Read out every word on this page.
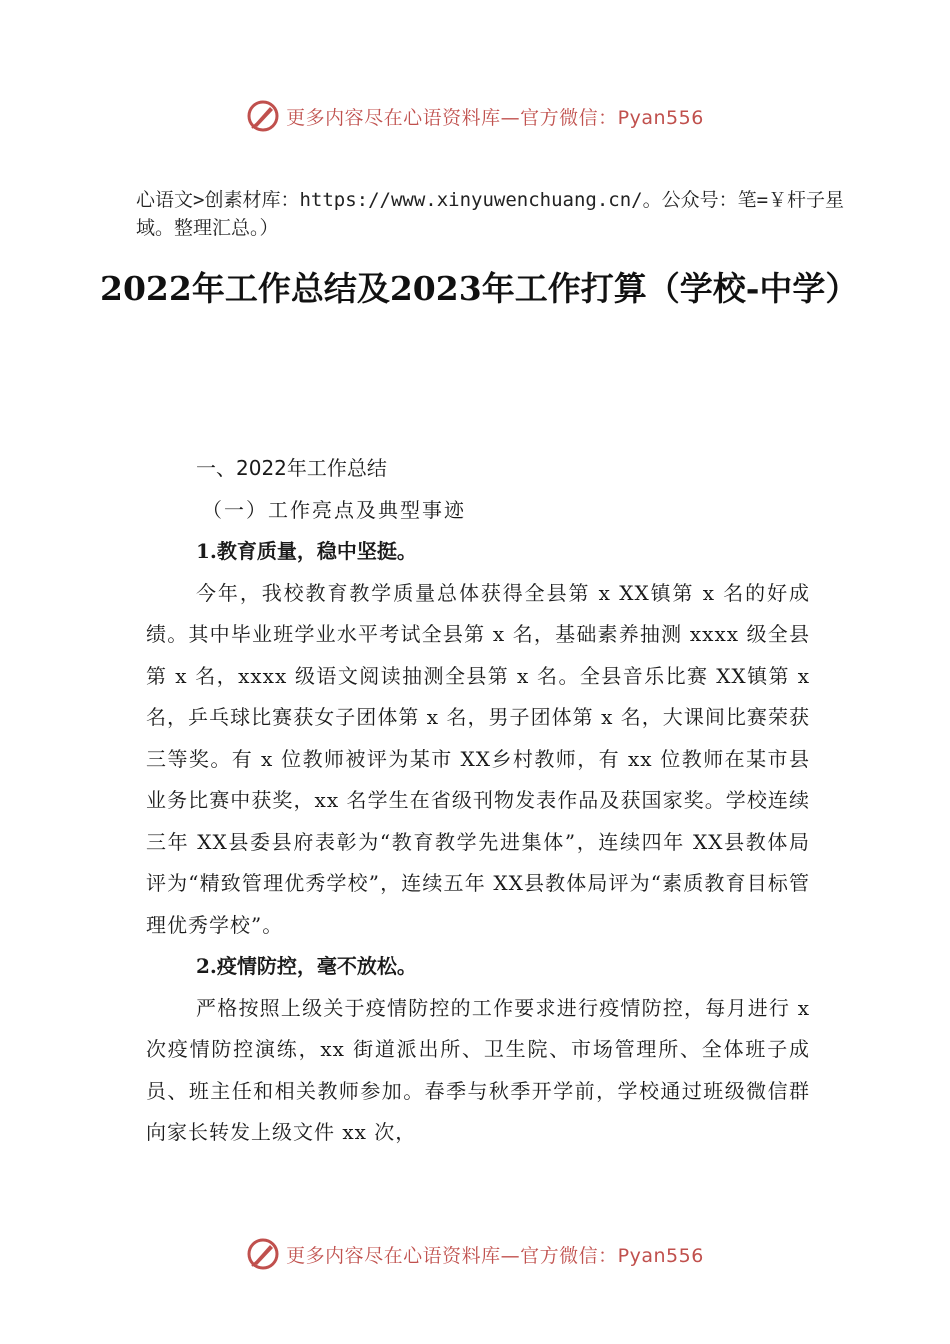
更多内容尽在心语资料库—官方微信：Pyan556
心语文>创素材库：https://www.xinyuwenchuang.cn/。公众号：笔=￥杆子星域。整理汇总。）
2022年工作总结及2023年工作打算（学校-中学）

一、2022年工作总结

（一）工作亮点及典型事迹

1.教育质量，稳中坚挺。

今年，我校教育教学质量总体获得全县第 x XX镇第 x 名的好成绩。其中毕业班学业水平考试全县第 x 名，基础素养抽测 xxxx 级全县第 x 名，xxxx 级语文阅读抽测全县第 x 名。全县音乐比赛 XX镇第 x 名，乒乓球比赛获女子团体第 x 名，男子团体第 x 名，大课间比赛荣获三等奖。有 x 位教师被评为某市 XX乡村教师，有 xx 位教师在某市县业务比赛中获奖，xx 名学生在省级刊物发表作品及获国家奖。学校连续三年 XX县委县府表彰为“教育教学先进集体”，连续四年 XX县教体局评为“精致管理优秀学校”，连续五年 XX县教体局评为“素质教育目标管理优秀学校”。

2.疫情防控，毫不放松。

严格按照上级关于疫情防控的工作要求进行疫情防控，每月进行 x 次疫情防控演练，xx 街道派出所、卫生院、市场管理所、全体班子成员、班主任和相关教师参加。春季与秋季开学前，学校通过班级微信群向家长转发上级文件 xx 次，

更多内容尽在心语资料库—官方微信：Pyan556
